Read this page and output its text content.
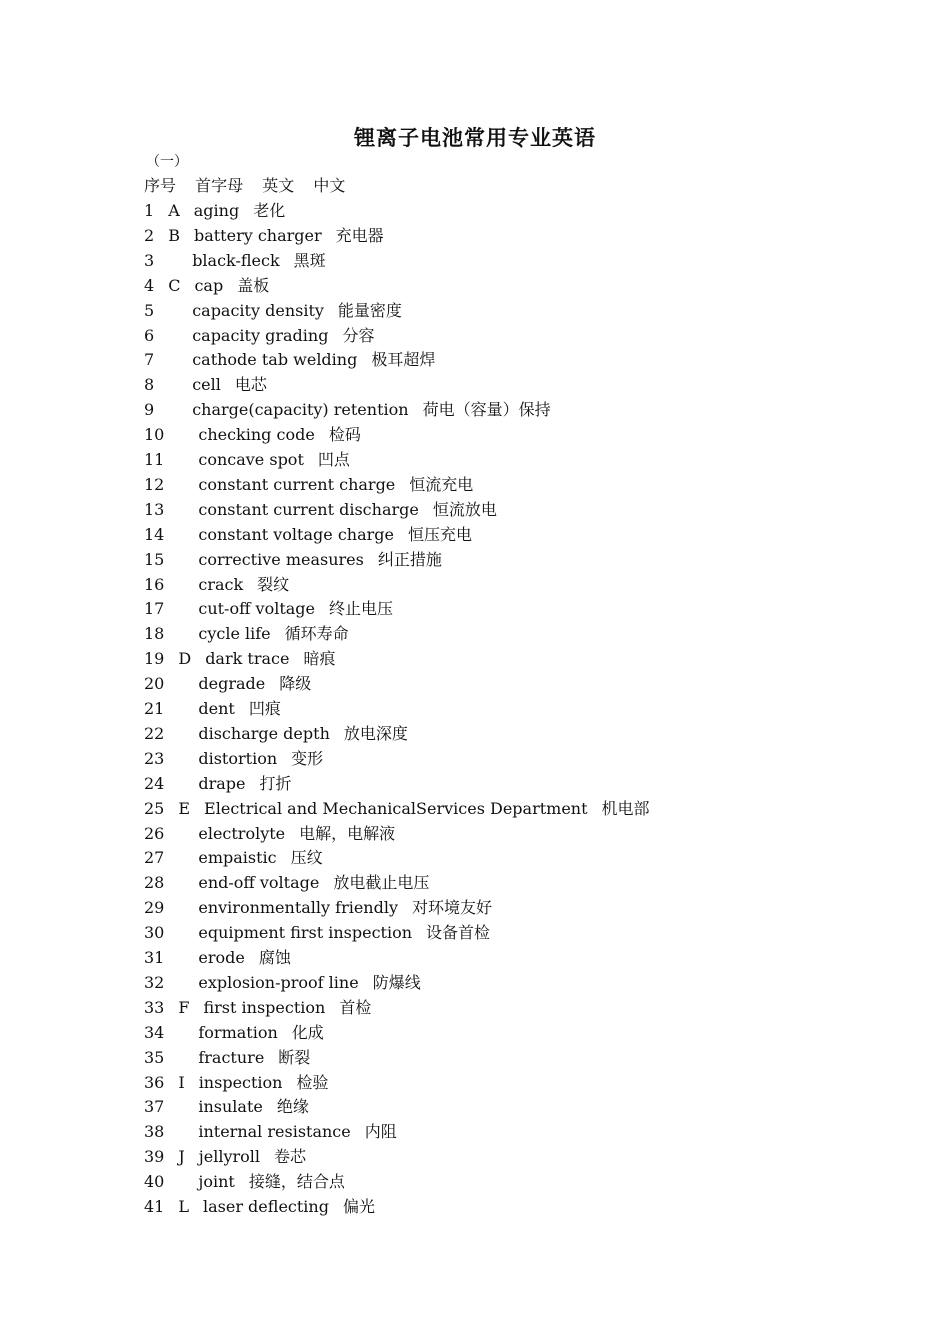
锂离子电池常用专业英语
（一）
序号 首字母 英文 中文
1 A aging 老化
2 B battery charger 充电器
3 black-fleck 黑斑
4 C cap 盖板
5 capacity density 能量密度
6 capacity grading 分容
7 cathode tab welding 极耳超焊
8 cell 电芯
9 charge(capacity) retention 荷电（容量）保持
10 checking code 检码
11 concave spot 凹点
12 constant current charge 恒流充电
13 constant current discharge 恒流放电
14 constant voltage charge 恒压充电
15 corrective measures 纠正措施
16 crack 裂纹
17 cut-off voltage 终止电压
18 cycle life 循环寿命
19 D dark trace 暗痕
20 degrade 降级
21 dent 凹痕
22 discharge depth 放电深度
23 distortion 变形
24 drape 打折
25 E Electrical and MechanicalServices Department 机电部
26 electrolyte 电解，电解液
27 empaistic 压纹
28 end-off voltage 放电截止电压
29 environmentally friendly 对环境友好
30 equipment first inspection 设备首检
31 erode 腐蚀
32 explosion-proof line 防爆线
33 F first inspection 首检
34 formation 化成
35 fracture 断裂
36 I inspection 检验
37 insulate 绝缘
38 internal resistance 内阻
39 J jellyroll 卷芯
40 joint 接缝，结合点
41 L laser deflecting 偏光
